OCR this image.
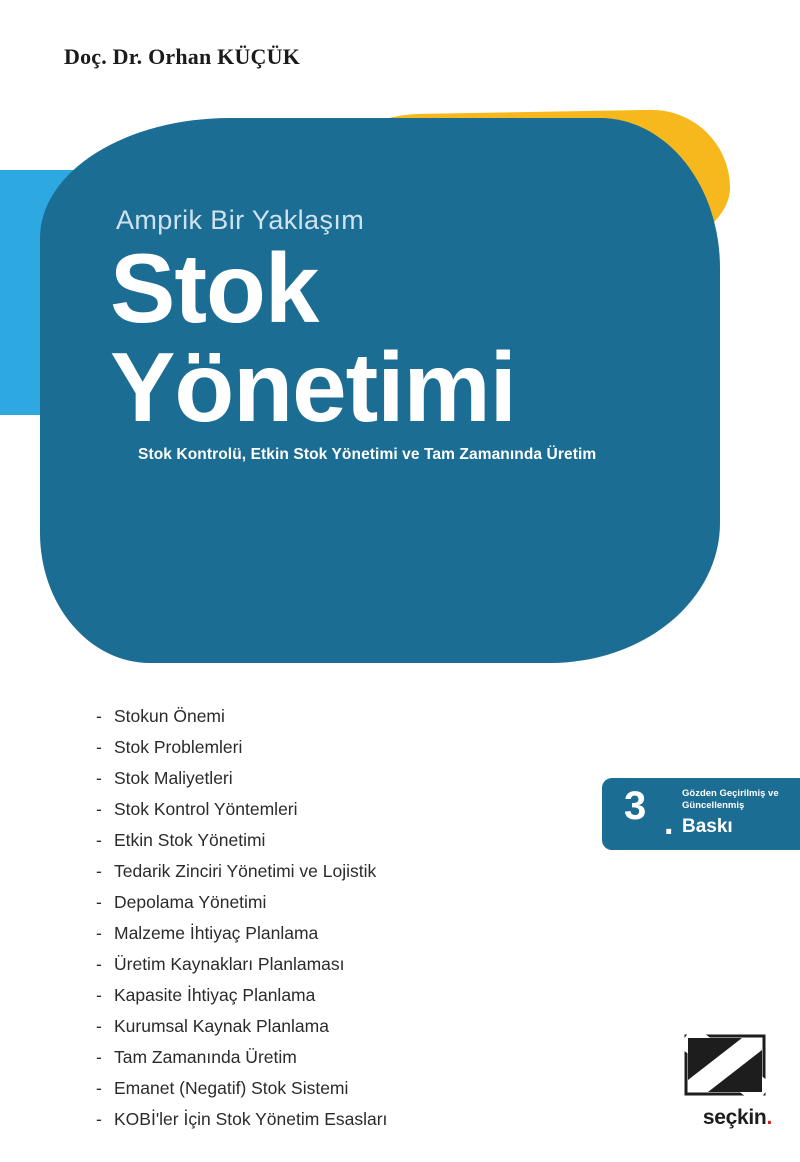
Doç. Dr. Orhan KÜÇÜK
Amprik Bir Yaklaşım
Stok
Yönetimi
Stok Kontrolü, Etkin Stok Yönetimi ve Tam Zamanında Üretim
- Stokun Önemi
- Stok Problemleri
- Stok Maliyetleri
- Stok Kontrol Yöntemleri
- Etkin Stok Yönetimi
- Tedarik Zinciri Yönetimi ve Lojistik
- Depolama Yönetimi
- Malzeme İhtiyaç Planlama
- Üretim Kaynakları Planlaması
- Kapasite İhtiyaç Planlama
- Kurumsal Kaynak Planlama
- Tam Zamanında Üretim
- Emanet (Negatif) Stok Sistemi
- KOBİ'ler İçin Stok Yönetim Esasları
3 .
Gözden Geçirilmiş ve Güncellenmiş
Baskı
seçkin.
